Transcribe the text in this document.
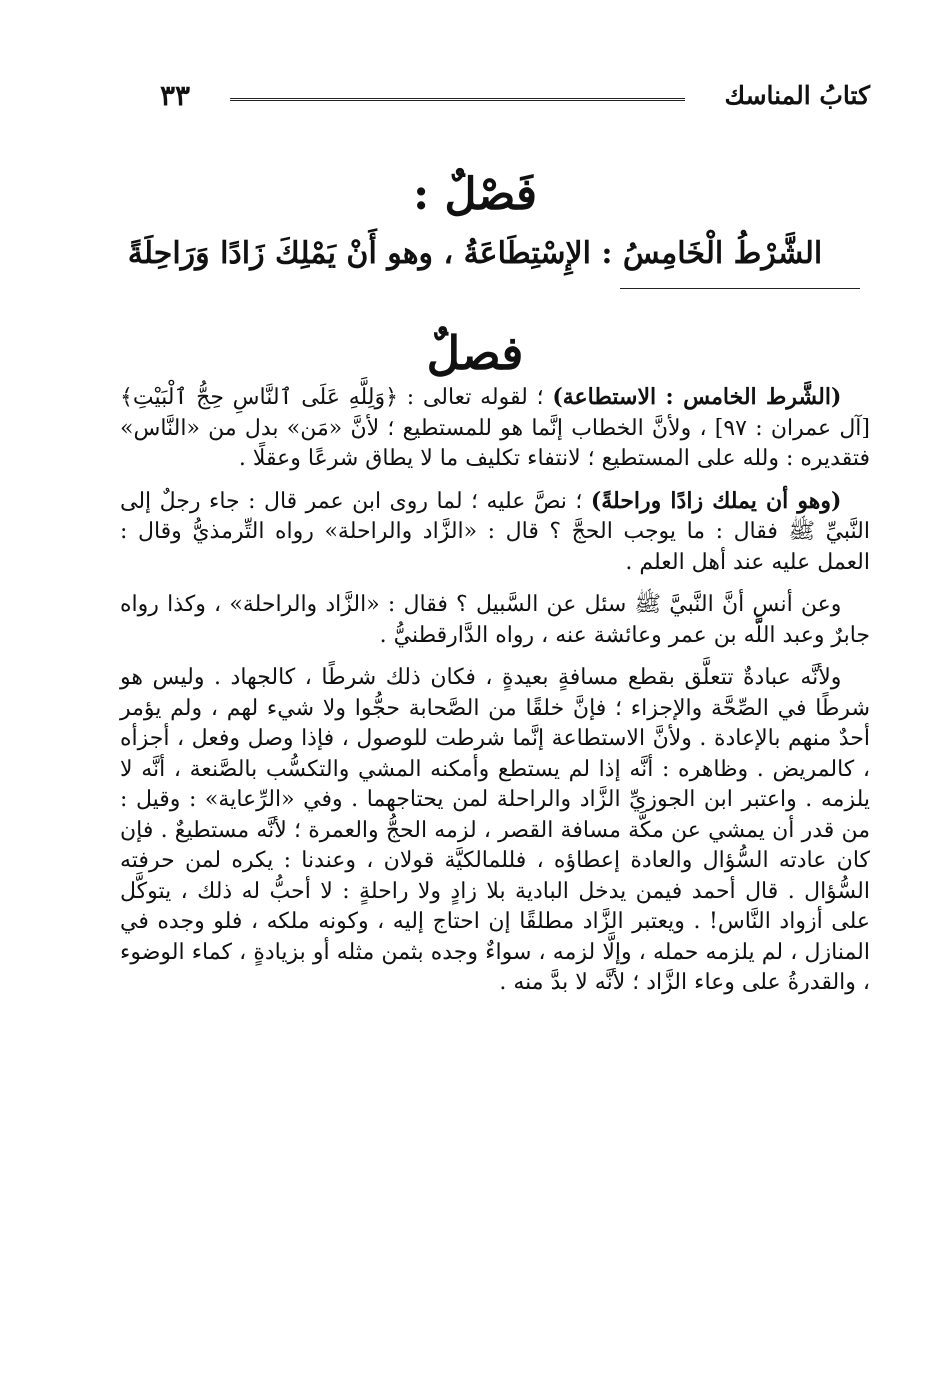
كتابُ المناسك
٣٣
فَصْلٌ :
الشَّرْطُ الْخَامِسُ : الإِسْتِطَاعَةُ ، وهو أَنْ يَمْلِكَ زَادًا وَرَاحِلَةً
فصلٌ

(الشَّرط الخامس : الاستطاعة) ؛ لقوله تعالى : ﴿وَلِلَّهِ عَلَى ٱلنَّاسِ حِجُّ ٱلْبَيْتِ﴾ [آل عمران : ٩٧] ، ولأنَّ الخطاب إنَّما هو للمستطيع ؛ لأنَّ «مَن» بدل من «النَّاس» فتقديره : ولله على المستطيع ؛ لانتفاء تكليف ما لا يطاق شرعًا وعقلًا .

(وهو أن يملك زادًا وراحلةً) ؛ نصَّ عليه ؛ لما روى ابن عمر قال : جاء رجلٌ إلى النَّبيِّ ﷺ فقال : ما يوجب الحجَّ ؟ قال : «الزَّاد والراحلة» رواه التِّرمذيُّ وقال : العمل عليه عند أهل العلم .

وعن أنسٍ أنَّ النَّبيَّ ﷺ سئل عن السَّبيل ؟ فقال : «الزَّاد والراحلة» ، وكذا رواه جابرٌ وعبد اللَّه بن عمر وعائشة عنه ، رواه الدَّارقطنيُّ .

ولأنَّه عبادةٌ تتعلَّق بقطع مسافةٍ بعيدةٍ ، فكان ذلك شرطًا ، كالجهاد . وليس هو شرطًا في الصِّحَّة والإجزاء ؛ فإنَّ خلقًا من الصَّحابة حجُّوا ولا شيء لهم ، ولم يؤمر أحدٌ منهم بالإعادة . ولأنَّ الاستطاعة إنَّما شرطت للوصول ، فإذا وصل وفعل ، أجزأه ، كالمريض . وظاهره : أنَّه إذا لم يستطع وأمكنه المشي والتكسُّب بالصَّنعة ، أنَّه لا يلزمه . واعتبر ابن الجوزيِّ الزَّاد والراحلة لمن يحتاجهما . وفي «الرِّعاية» : وقيل : من قدر أن يمشي عن مكَّة مسافة القصر ، لزمه الحجُّ والعمرة ؛ لأنَّه مستطيعٌ . فإن كان عادته السُّؤال والعادة إعطاؤه ، فللمالكيَّة قولان ، وعندنا : يكره لمن حرفته السُّؤال . قال أحمد فيمن يدخل البادية بلا زادٍ ولا راحلةٍ : لا أحبُّ له ذلك ، يتوكَّل على أزواد النَّاس! . ويعتبر الزَّاد مطلقًا إن احتاج إليه ، وكونه ملكه ، فلو وجده في المنازل ، لم يلزمه حمله ، وإلَّا لزمه ، سواءٌ وجده بثمن مثله أو بزيادةٍ ، كماء الوضوء ، والقدرةُ على وعاء الزَّاد ؛ لأنَّه لا بدَّ منه .
